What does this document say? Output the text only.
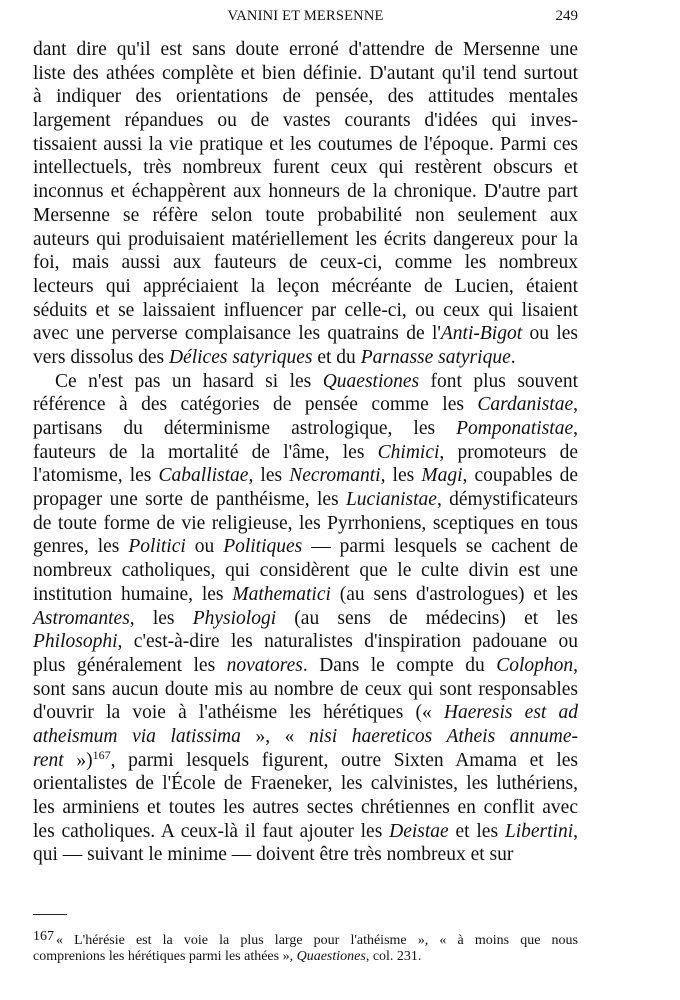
VANINI ET MERSENNE	249
dant dire qu'il est sans doute erroné d'attendre de Mersenne une
liste des athées complète et bien définie. D'autant qu'il tend surtout
à indiquer des orientations de pensée, des attitudes mentales
largement répandues ou de vastes courants d'idées qui inves-
tissaient aussi la vie pratique et les coutumes de l'époque. Parmi ces
intellectuels, très nombreux furent ceux qui restèrent obscurs et
inconnus et échappèrent aux honneurs de la chronique. D'autre part
Mersenne se réfère selon toute probabilité non seulement aux
auteurs qui produisaient matériellement les écrits dangereux pour la
foi, mais aussi aux fauteurs de ceux-ci, comme les nombreux
lecteurs qui appréciaient la leçon mécréante de Lucien, étaient
séduits et se laissaient influencer par celle-ci, ou ceux qui lisaient
avec une perverse complaisance les quatrains de l'Anti-Bigot ou les
vers dissolus des Délices satyriques et du Parnasse satyrique.
Ce n'est pas un hasard si les Quaestiones font plus souvent
référence à des catégories de pensée comme les Cardanistae,
partisans du déterminisme astrologique, les Pomponatistae,
fauteurs de la mortalité de l'âme, les Chimici, promoteurs de
l'atomisme, les Caballistae, les Necromanti, les Magi, coupables de
propager une sorte de panthéisme, les Lucianistae, démystificateurs
de toute forme de vie religieuse, les Pyrrhoniens, sceptiques en tous
genres, les Politici ou Politiques — parmi lesquels se cachent de
nombreux catholiques, qui considèrent que le culte divin est une
institution humaine, les Mathematici (au sens d'astrologues) et les
Astromantes, les Physiologi (au sens de médecins) et les
Philosophi, c'est-à-dire les naturalistes d'inspiration padouane ou
plus généralement les novatores. Dans le compte du Colophon,
sont sans aucun doute mis au nombre de ceux qui sont responsables
d'ouvrir la voie à l'athéisme les hérétiques (« Haeresis est ad
atheismum via latissima », « nisi haereticos Atheis annume-
rent »)$^{167}$, parmi lesquels figurent, outre Sixten Amama et les
orientalistes de l'École de Fraeneker, les calvinistes, les luthériens,
les arminiens et toutes les autres sectes chrétiennes en conflit avec
les catholiques. A ceux-là il faut ajouter les Deistae et les Libertini,
qui — suivant le minime — doivent être très nombreux et sur
167 « L'hérésie est la voie la plus large pour l'athéisme », « à moins que nous
comprenions les hérétiques parmi les athées », Quaestiones, col. 231.
